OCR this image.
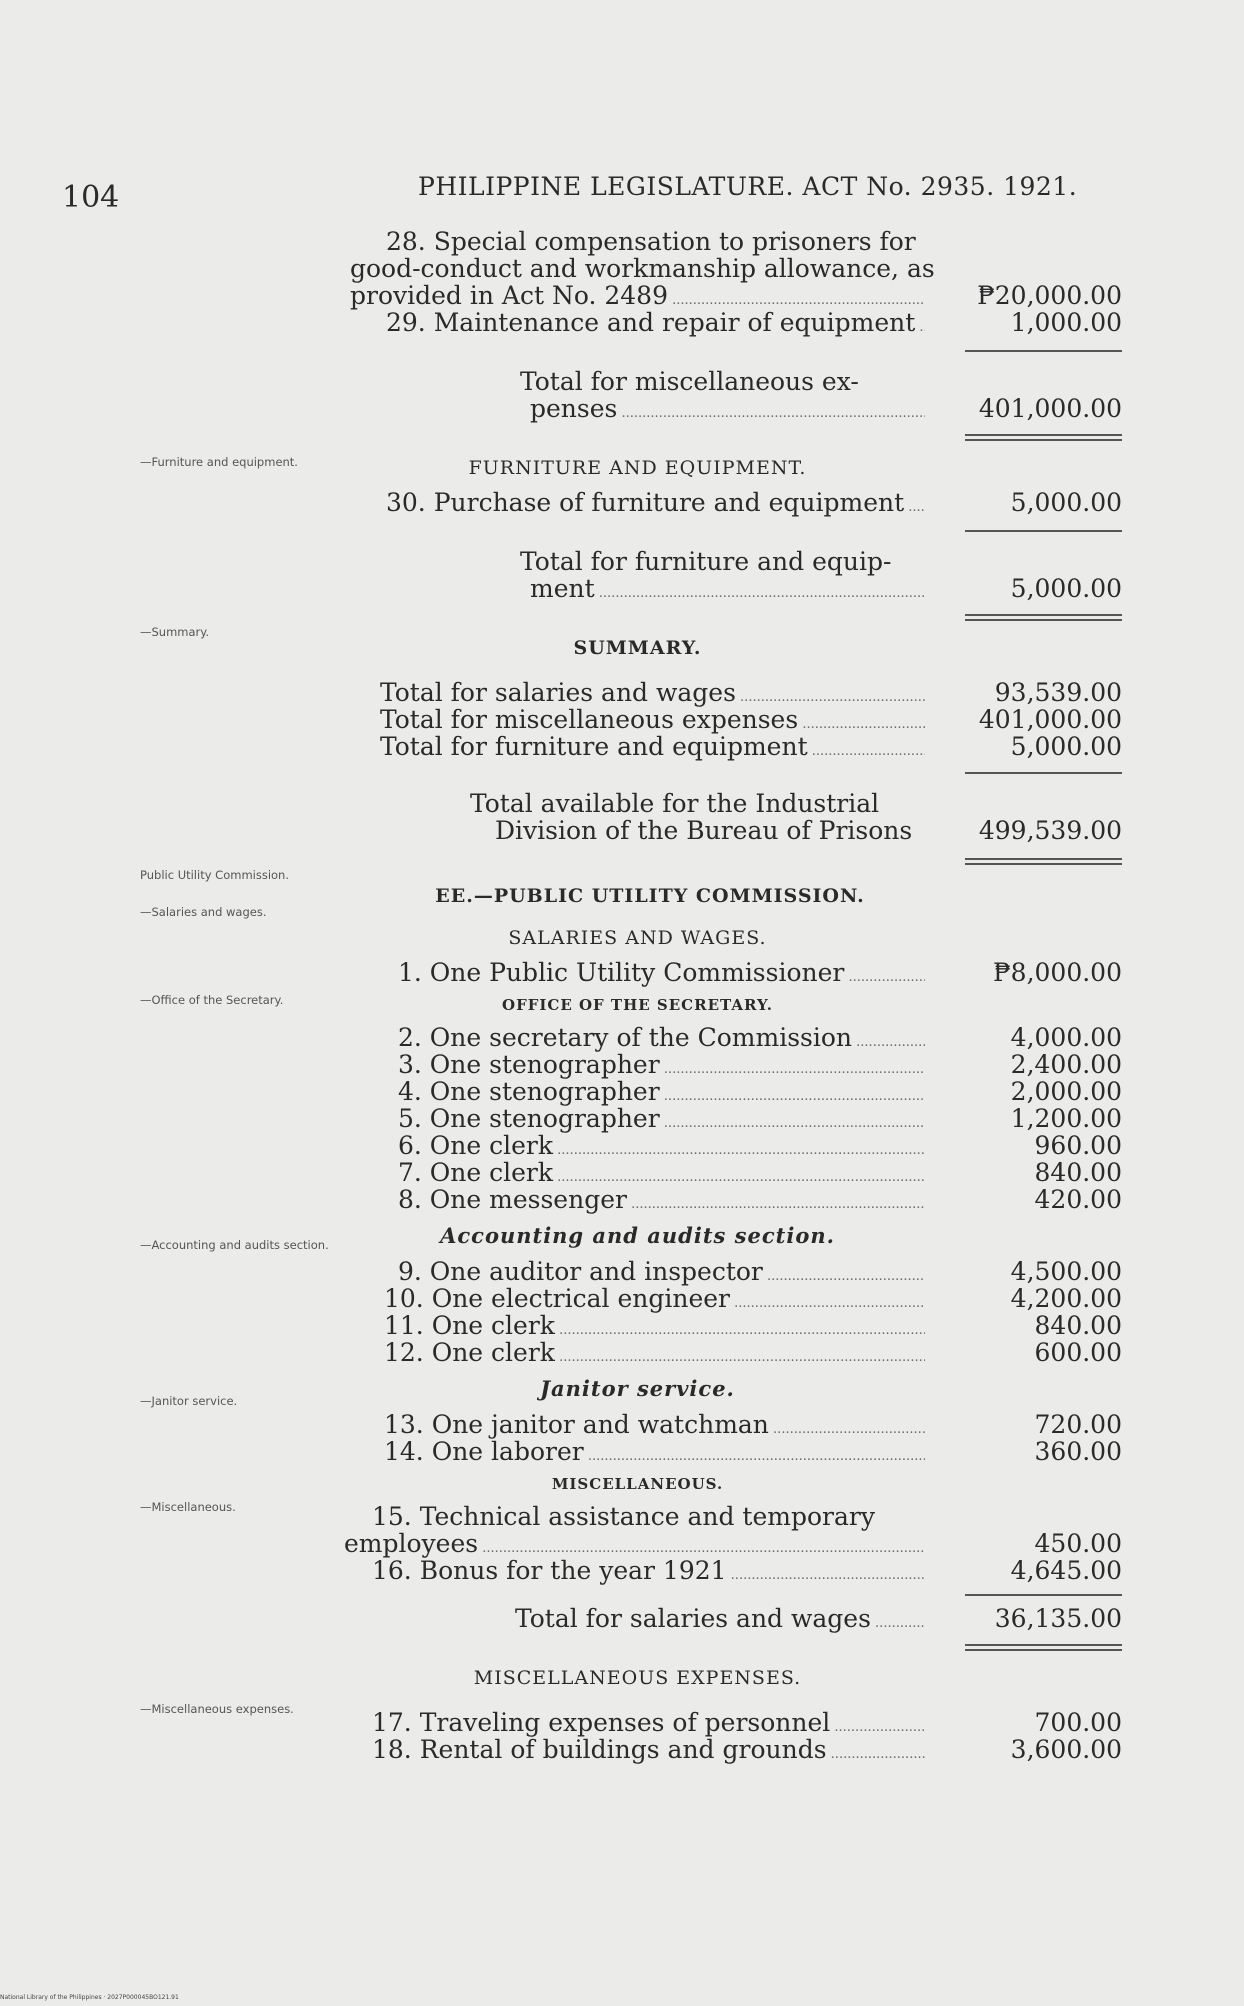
104	PHILIPPINE LEGISLATURE. ACT No. 2935. 1921.
—Furniture and equipment.
—Summary.
Public Utility Commission.
—Salaries and wages.
—Office of the Secretary.
—Accounting and audits section.
—Janitor service.
—Miscellaneous.
—Miscellaneous expenses.
28. Special compensation to prisoners for
good-conduct and workmanship allowance, as
provided in Act No. 2489 .....	₱20,000.00
29. Maintenance and repair of equipment .....	1,000.00
Total for miscellaneous ex-
penses .....	401,000.00
FURNITURE AND EQUIPMENT.
30. Purchase of furniture and equipment .....	5,000.00
Total for furniture and equip-
ment .....	5,000.00
SUMMARY.
Total for salaries and wages .....	93,539.00
Total for miscellaneous expenses .....	401,000.00
Total for furniture and equipment .....	5,000.00
Total available for the Industrial
Division of the Bureau of Prisons	499,539.00
EE.—PUBLIC UTILITY COMMISSION.
SALARIES AND WAGES.
1. One Public Utility Commissioner .....	₱8,000.00
OFFICE OF THE SECRETARY.
2. One secretary of the Commission .....	4,000.00
3. One stenographer .....	2,400.00
4. One stenographer .....	2,000.00
5. One stenographer .....	1,200.00
6. One clerk .....	960.00
7. One clerk .....	840.00
8. One messenger .....	420.00
Accounting and audits section.
9. One auditor and inspector .....	4,500.00
10. One electrical engineer .....	4,200.00
11. One clerk .....	840.00
12. One clerk .....	600.00
Janitor service.
13. One janitor and watchman .....	720.00
14. One laborer .....	360.00
MISCELLANEOUS.
15. Technical assistance and temporary
employees .....	450.00
16. Bonus for the year 1921 .....	4,645.00
Total for salaries and wages .....	36,135.00
MISCELLANEOUS EXPENSES.
17. Traveling expenses of personnel .....	700.00
18. Rental of buildings and grounds .....	3,600.00
National Library of the Philippines · 2027P000045BO121.91
